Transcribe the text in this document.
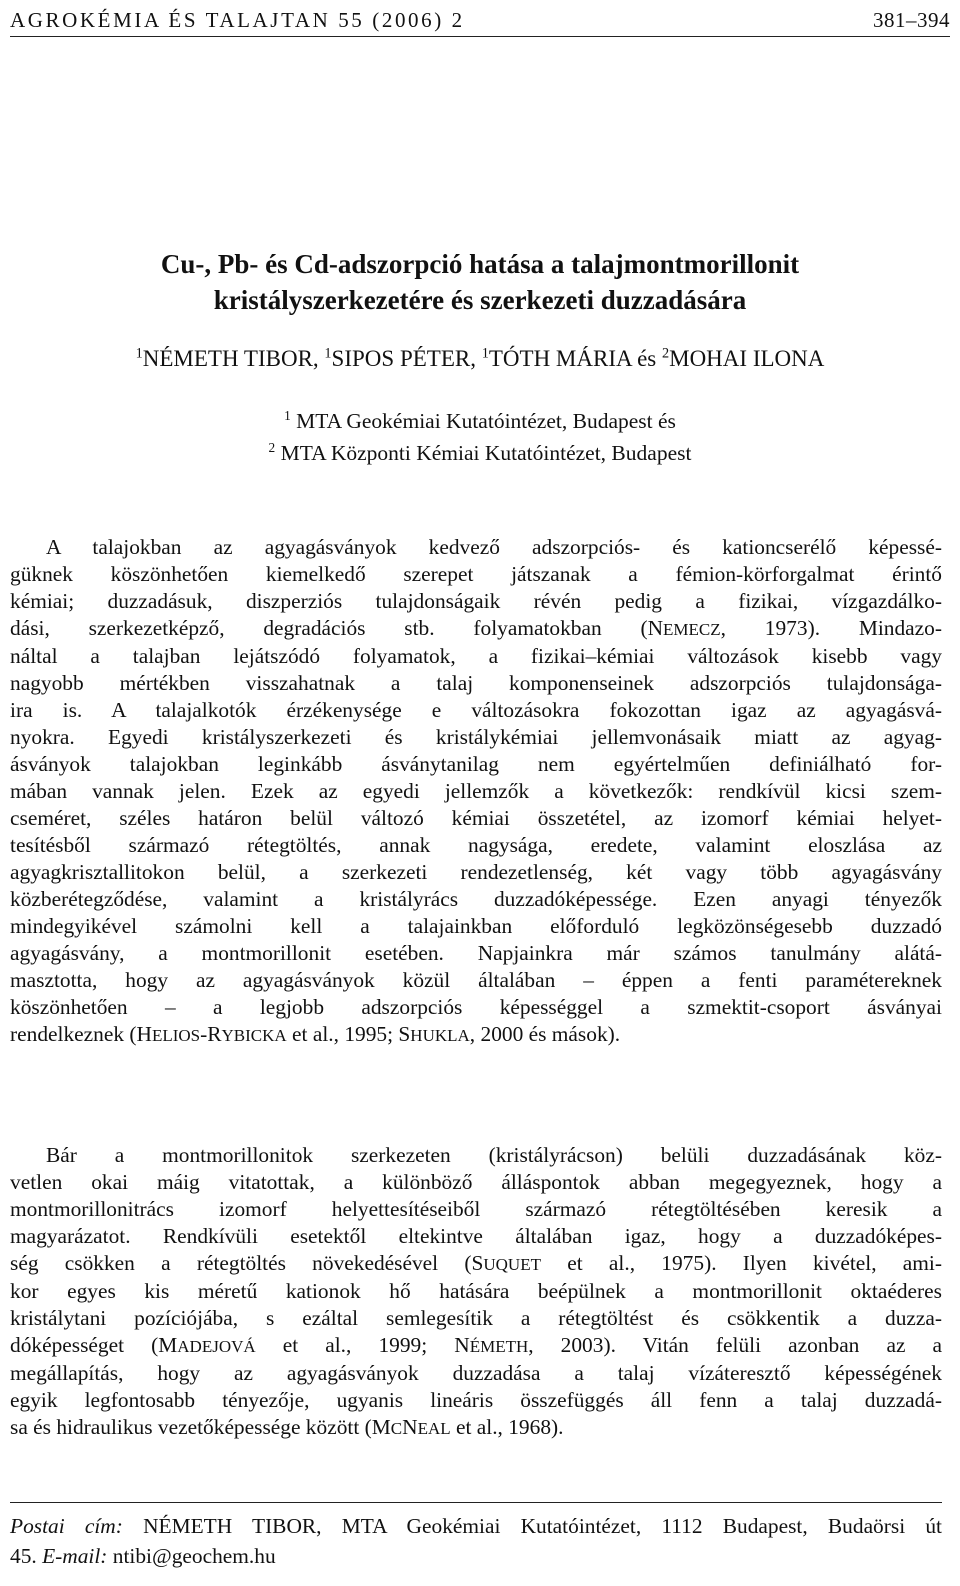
AGROKÉMIA ÉS TALAJTAN 55 (2006) 2	381–394
Cu-, Pb- és Cd-adszorpció hatása a talajmontmorillonit
kristályszerkezetére és szerkezeti duzzadására
$^1$NÉMETH TIBOR, $^1$SIPOS PÉTER, $^1$TÓTH MÁRIA és $^2$MOHAI ILONA
$^1$ MTA Geokémiai Kutatóintézet, Budapest és
$^2$ MTA Központi Kémiai Kutatóintézet, Budapest
A talajokban az agyagásványok kedvező adszorpciós- és kationcserélő képessé-
güknek köszönhetően kiemelkedő szerepet játszanak a fémion-körforgalmat érintő
kémiai; duzzadásuk, diszperziós tulajdonságaik révén pedig a fizikai, vízgazdálko-
dási, szerkezetképző, degradációs stb. folyamatokban (NEMECZ, 1973). Mindazo-
náltal a talajban lejátszódó folyamatok, a fizikai–kémiai változások kisebb vagy
nagyobb mértékben visszahatnak a talaj komponenseinek adszorpciós tulajdonsága-
ira is. A talajalkotók érzékenysége e változásokra fokozottan igaz az agyagásvá-
nyokra. Egyedi kristályszerkezeti és kristálykémiai jellemvonásaik miatt az agyag-
ásványok talajokban leginkább ásványtanilag nem egyértelműen definiálható for-
mában vannak jelen. Ezek az egyedi jellemzők a következők: rendkívül kicsi szem-
cseméret, széles határon belül változó kémiai összetétel, az izomorf kémiai helyet-
tesítésből származó rétegtöltés, annak nagysága, eredete, valamint eloszlása az
agyagkrisztallitokon belül, a szerkezeti rendezetlenség, két vagy több agyagásvány
közberétegződése, valamint a kristályrács duzzadóképessége. Ezen anyagi tényezők
mindegyikével számolni kell a talajainkban előforduló legközönségesebb duzzadó
agyagásvány, a montmorillonit esetében. Napjainkra már számos tanulmány alátá-
masztotta, hogy az agyagásványok közül általában – éppen a fenti paramétereknek
köszönhetően – a legjobb adszorpciós képességgel a szmektit-csoport ásványai
rendelkeznek (HELIOS-RYBICKA et al., 1995; SHUKLA, 2000 és mások).
Bár a montmorillonitok szerkezeten (kristályrácson) belüli duzzadásának köz-
vetlen okai máig vitatottak, a különböző álláspontok abban megegyeznek, hogy a
montmorillonitrács izomorf helyettesítéseiből származó rétegtöltésében keresik a
magyarázatot. Rendkívüli esetektől eltekintve általában igaz, hogy a duzzadóképes-
ség csökken a rétegtöltés növekedésével (SUQUET et al., 1975). Ilyen kivétel, ami-
kor egyes kis méretű kationok hő hatására beépülnek a montmorillonit oktaéderes
kristálytani pozíciójába, s ezáltal semlegesítik a rétegtöltést és csökkentik a duzza-
dóképességet (MADEJOVÁ et al., 1999; NÉMETH, 2003). Vitán felüli azonban az a
megállapítás, hogy az agyagásványok duzzadása a talaj vízáteresztő képességének
egyik legfontosabb tényezője, ugyanis lineáris összefüggés áll fenn a talaj duzzadá-
sa és hidraulikus vezetőképessége között (MCNEAL et al., 1968).
Postai cím: NÉMETH TIBOR, MTA Geokémiai Kutatóintézet, 1112 Budapest, Budaörsi út
45. E-mail: ntibi@geochem.hu
